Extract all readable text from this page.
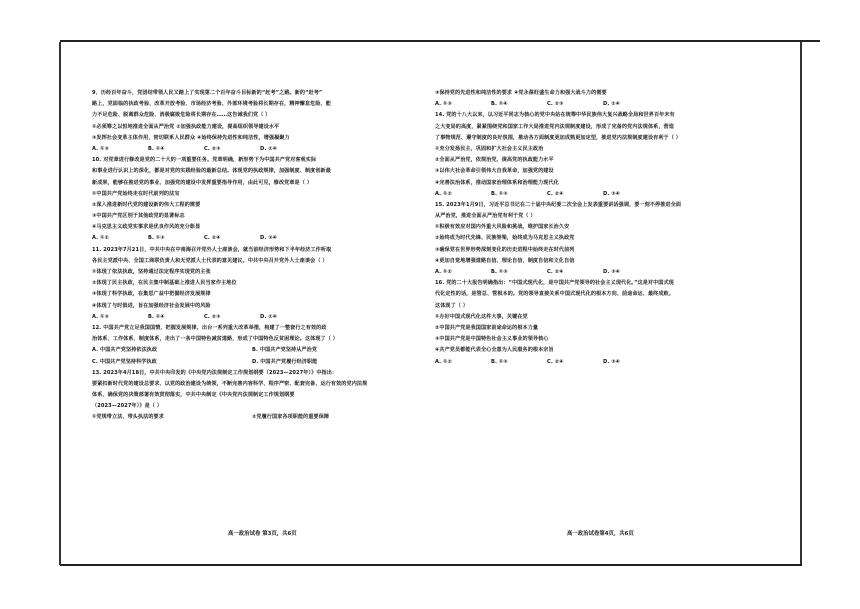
9、历经百年奋斗，党团结带领人民又踏上了实现第二个百年奋斗目标新的“赶考”之路。新的“赶考”
路上，党面临的执政考验、改革开放考验、市场经济考验、外部环境考验将长期存在，精神懈怠危险、能
力不足危险、脱离群众危险、消极腐败危险将长期存在……这告诫我们党（ ）
①必须筹之以恒地推进全面从严治党 ②加强执政能力建设，提高组织领导建设水平
③发挥社会变革主体作用，密切联系人民群众 ④始终保持先进性和纯洁性，增强凝聚力
A. ①③	B. ①④	C. ②③	D. ②④
10. 对党章进行修改是党的二十大的一项重要任务。党章明确，新形势下为中国共产党对客观实际
和事业进行认识上的深化，都是对党的实践经验的最新总结。体现党的执政规律，加强制度、制度创新最
新成果，能够在推进党的事业、加强党的建设中发挥重要指导作用，由此可见，修改党章是（ ）
①中国共产党始终走在时代前列的法宝
②深入推进新时代党的建设新的伟大工程的需要
③中国共产党区别于其他政党的显著标志
④马克思主义政党实事求是优良作风的充分彰显
A. ①②	B. ①③	C. ②④	D. ③④
11. 2023年7月21日，中共中央在中南海召开党外人士座谈会，就当前经济形势和下半年经济工作听取
各民主党派中央、全国工商联负责人和无党派人士代表的意见建议。中共中央召开党外人士座谈会（ ）
①体现了依法执政，坚持通过法定程序实现党的主张
②体现了民主执政，在民主集中制基础上推进人民当家作主地位
③体现了科学执政，在集思广益中把握经济发展规律
④体现了与时俱进，旨在加强经济社会发展中的风险
A. ①③	B. ①④	C. ②③	D. ②④
12. 中国共产党立足我国国情，把握发展规律，出台一系列重大改革举措，构建了一整套行之有效的政
治体系、工作体系、制度体系，走出了一条中国特色减贫道路，形成了中国特色反贫困理论。这体现了（ ）
A. 中国共产党坚持依法执政	B. 中国共产党坚持从严治党
C. 中国共产党坚持科学执政	D. 中国共产党履行经济职能
13. 2023年4月18日，中共中央印发的《中央党内法规制定工作规划纲要（2023—2027年）》中指出：
要紧扣新时代党的建设总要求、以党的政治建设为统领，不断完善内容科学、程序严密、配套完备、运行有效的党内法规
体系，确保党的决策部署有效贯彻落实，中共中央制定《中央党内法规制定工作规划纲要
（2023—2027年）》是（ ）
①党规带立法、带头执法的要求	②党履行国家各项职能的重要保障
③保持党的先进性和纯洁性的要求 ④党永葆旺盛生命力和强大战斗力的需要
A. ①③	B. ①④	C. ②③	D. ②④
14. 党的十八大以来，以习近平同志为核心的党中央站在统筹中华民族伟大复兴战略全局和世界百年未有
之大变局的高度，紧紧围绕党和国家工作大局推进党内法规制度建设，形成了完备的党内法规体系，营造
了事物规范、遵守制度的良好氛围，推动各方面制度更加成熟更加定型，推进党内法规制度建设有利于（ ）
①充分发扬民主，巩固和扩大社会主义民主政治
②全面从严治党，依规治党，提高党的执政能力水平
③以伟大社会革命引领伟大自我革命，加强党的建设
④完善法治体系，推动国家治理体系和治理能力现代化
A. ①②	B. ①③	C. ②④	D. ③④
15. 2023年1月9日，习近平总书记在二十届中央纪委二次全会上发表重要讲话强调，要一刻不停推进全面
从严治党，推进全面从严治党有利于党（ ）
①积极有效应对国内外重大风险和挑战，维护国家长治久安
②始终成为时代先锋、民族脊梁，始终成为马克思主义执政党
③确保党在世界形势深刻变化的历史进程中始终走在时代前列
④更加自觉地增强道路自信、理论自信、制度自信和文化自信
A. ①②	B. ①③	C. ②④	D. ③④
16. 党的二十大报告明确指出：“中国式现代化，是中国共产党领导的社会主义现代化。”这是对中国式现
代化定性的话，是管总、管根本的。党的领导直接关系中国式现代化的根本方向、前途命运、最终成败。
这体现了（ ）
①办好中国式现代化这件大事，关键在党
②中国共产党是我国国家前途命运的根本力量
③中国共产党是中国特色社会主义事业的领导核心
④共产党员都能代表全心全意为人民服务的根本宗旨
A. ①②	B. ①③	C. ②④	D. ③④
高一政治试卷 第3页，共6页	高一政治试卷第4页，共6页
